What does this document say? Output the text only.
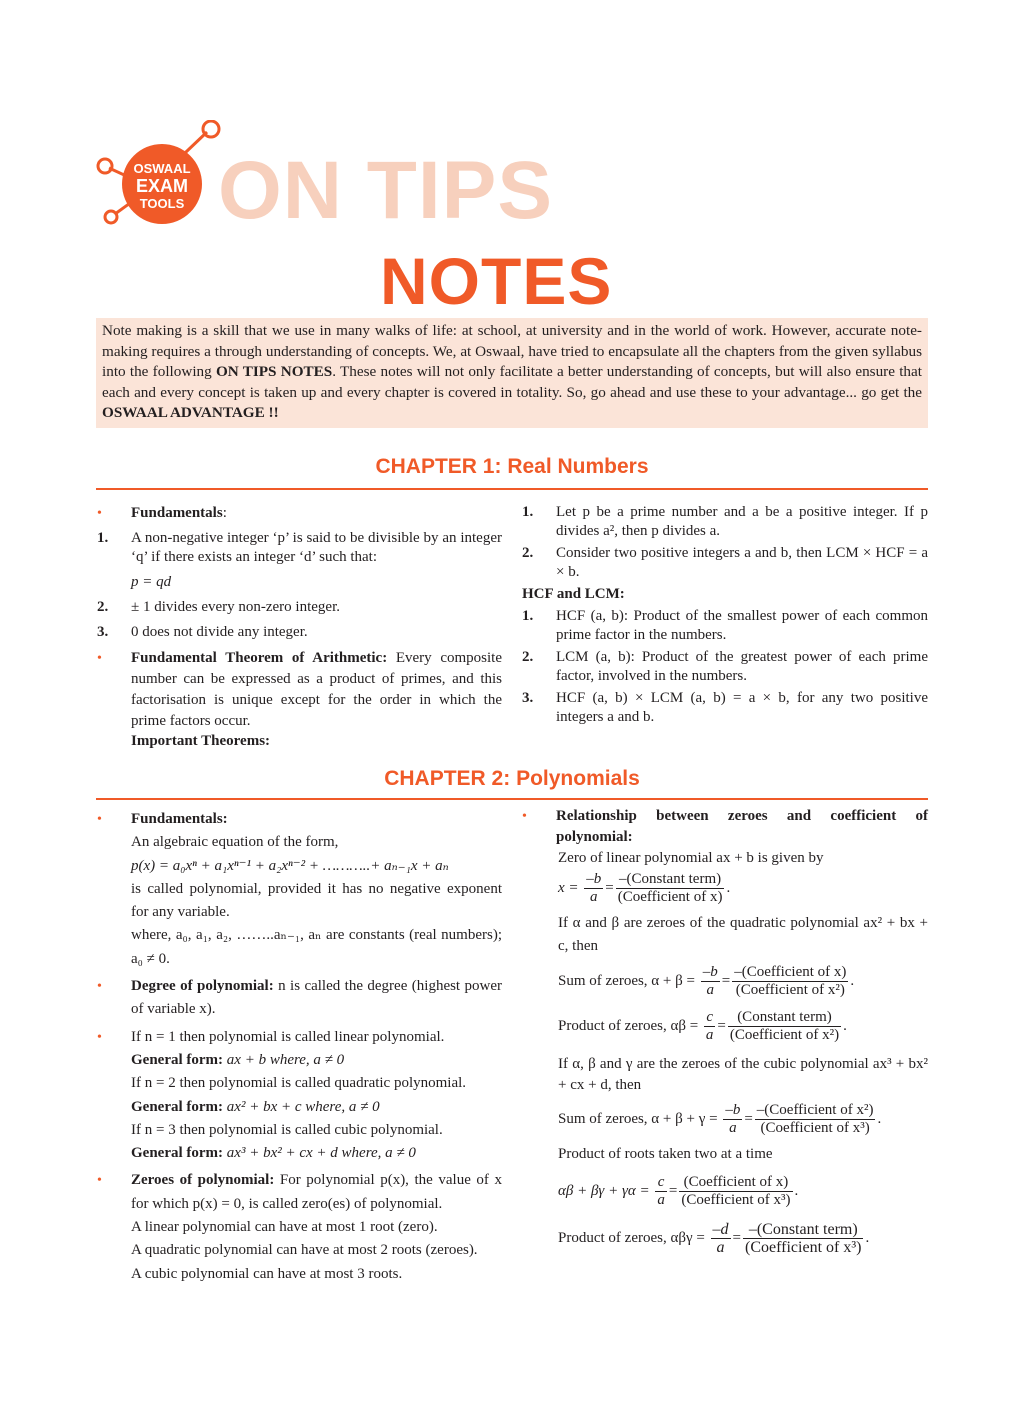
OSWAAL
EXAM
TOOLS ON TIPS
NOTES
Note making is a skill that we use in many walks of life: at school, at university and in the world of work. However, accurate note-making requires a through understanding of concepts. We, at Oswaal, have tried to encapsulate all the chapters from the given syllabus into the following ON TIPS NOTES. These notes will not only facilitate a better understanding of concepts, but will also ensure that each and every concept is taken up and every chapter is covered in totality. So, go ahead and use these to your advantage... go get the OSWAAL ADVANTAGE !!
CHAPTER 1: Real Numbers

• Fundamentals:

1. A non-negative integer ‘p’ is said to be divisible by an integer ‘q’ if there exists an integer ‘d’ such that:

p = qd

2. ± 1 divides every non-zero integer.

3. 0 does not divide any integer.

• Fundamental Theorem of Arithmetic: Every composite number can be expressed as a product of primes, and this factorisation is unique except for the order in which the prime factors occur.

Important Theorems:

1. Let p be a prime number and a be a positive integer. If p divides a², then p divides a.

2. Consider two positive integers a and b, then LCM × HCF = a × b.

HCF and LCM:

1. HCF (a, b): Product of the smallest power of each common prime factor in the numbers.

2. LCM (a, b): Product of the greatest power of each prime factor, involved in the numbers.

3. HCF (a, b) × LCM (a, b) = a × b, for any two positive integers a and b.

CHAPTER 2: Polynomials

• Fundamentals:

An algebraic equation of the form,

p(x) = a₀xⁿ + a₁xⁿ⁻¹ + a₂xⁿ⁻² + ………..+ aₙ₋₁x + aₙ

is called polynomial, provided it has no negative exponent for any variable.

where, a₀, a₁, a₂, ……..aₙ₋₁, aₙ are constants (real numbers); a₀ ≠ 0.

• Degree of polynomial: n is called the degree (highest power of variable x).

• If n = 1 then polynomial is called linear polynomial.

General form: ax + b where, a ≠ 0

If n = 2 then polynomial is called quadratic polynomial.

General form: ax² + bx + c where, a ≠ 0

If n = 3 then polynomial is called cubic polynomial.

General form: ax³ + bx² + cx + d where, a ≠ 0

• Zeroes of polynomial: For polynomial p(x), the value of x for which p(x) = 0, is called zero(es) of polynomial.

A linear polynomial can have at most 1 root (zero).

A quadratic polynomial can have at most 2 roots (zeroes).

A cubic polynomial can have at most 3 roots.

• Relationship between zeroes and coefficient of polynomial:

Zero of linear polynomial ax + b is given by

$x = \frac{-b}{a} = \frac{\text{–(Constant term)}}{\text{(Coefficient of x)}}$ .

If α and β are zeroes of the quadratic polynomial ax² + bx + c, then

Sum of zeroes, $\alpha + \beta = \frac{-b}{a} = \frac{\text{–(Coefficient of x)}}{\text{(Coefficient of x²)}}$ .
Product of zeroes, $\alpha\beta = \frac{c}{a} = \frac{\text{(Constant term)}}{\text{(Coefficient of x²)}}$ .

If α, β and γ are the zeroes of the cubic polynomial ax³ + bx² + cx + d, then

Sum of zeroes, $\alpha + \beta + \gamma = \frac{-b}{a} = \frac{\text{–(Coefficient of x²)}}{\text{(Coefficient of x³)}}$ .

Product of roots taken two at a time

$\alpha\beta + \beta\gamma + \gamma\alpha = \frac{c}{a} = \frac{\text{(Coefficient of x)}}{\text{(Coefficient of x³)}}$ .
Product of zeroes, $\alpha\beta\gamma = \frac{-d}{a} = \frac{\text{–(Constant term)}}{\text{(Coefficient of x³)}}$ .
